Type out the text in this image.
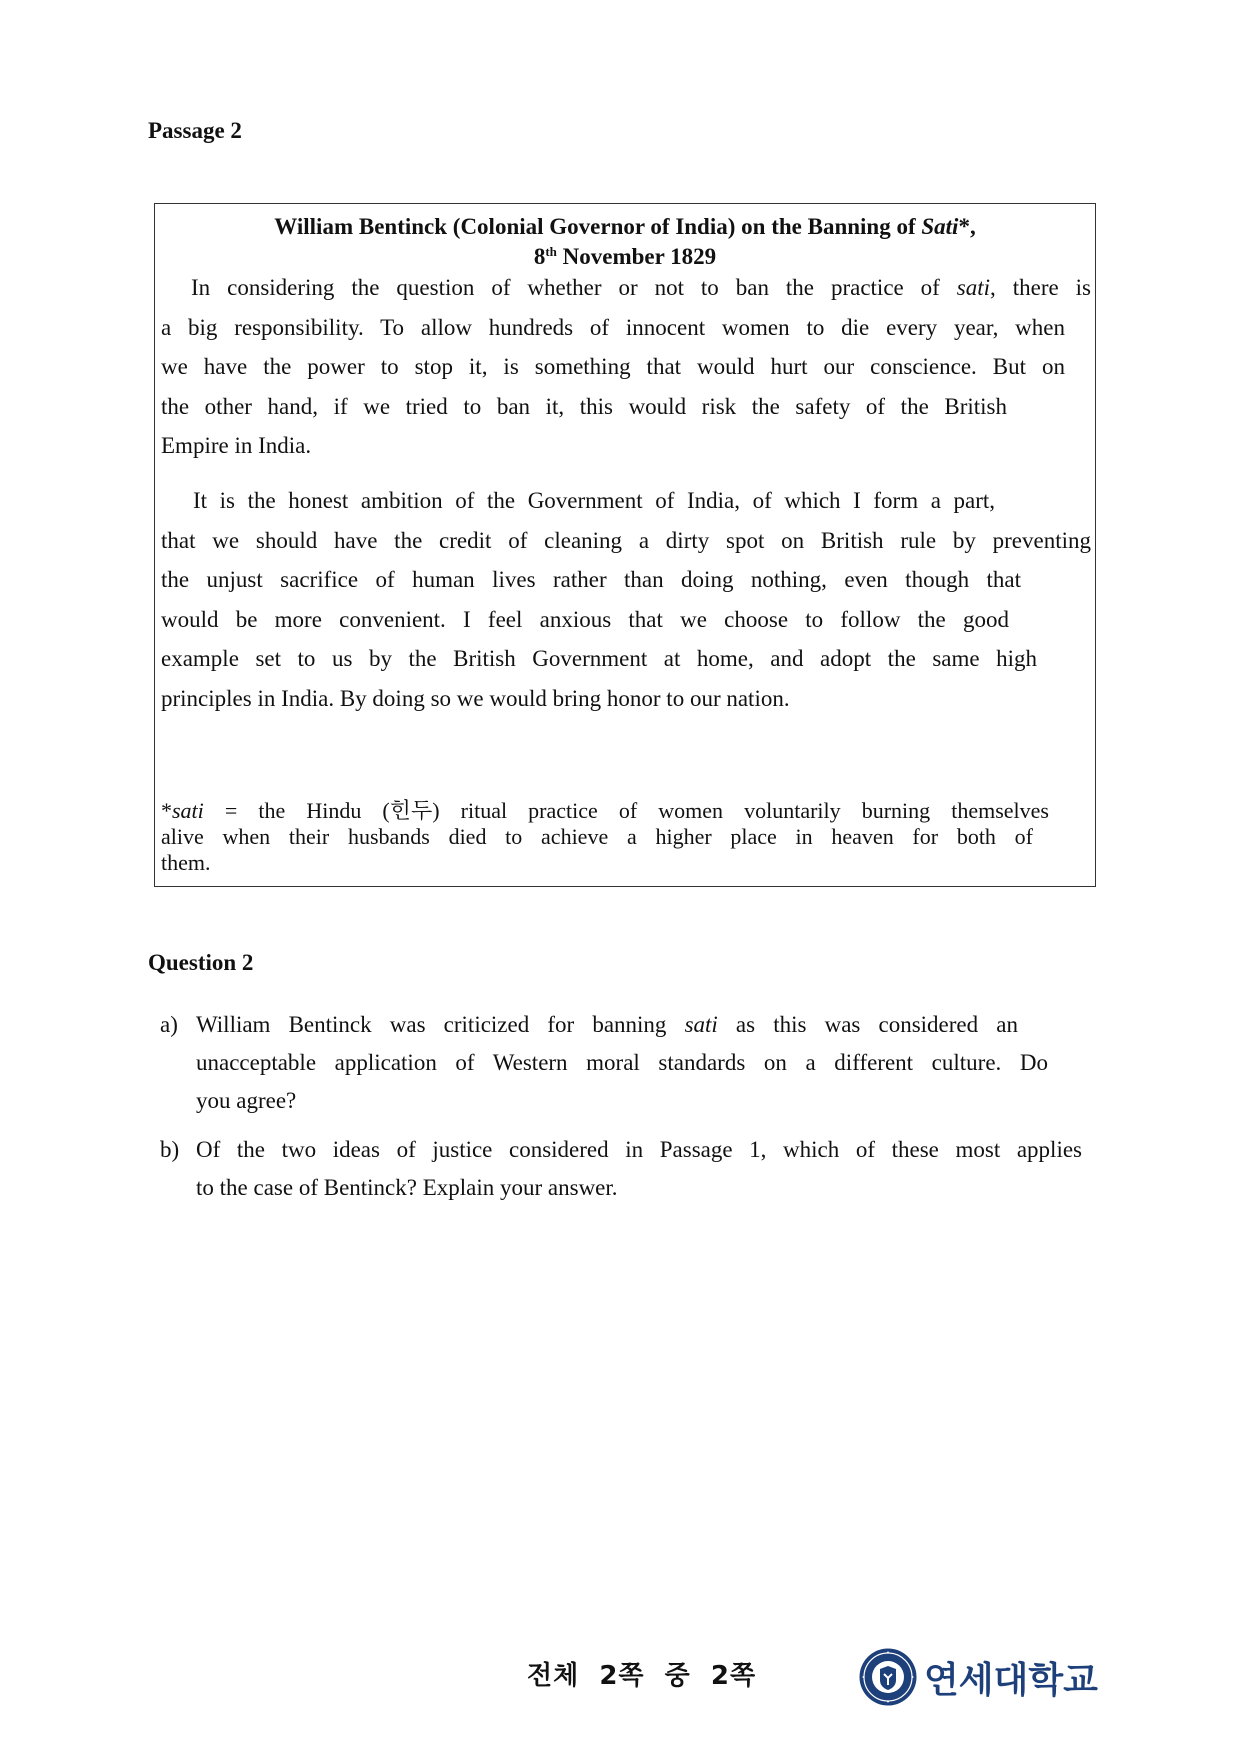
Passage 2
William Bentinck (Colonial Governor of India) on the Banning of Sati*,
8th November 1829
In considering the question of whether or not to ban the practice of sati, there is
a big responsibility. To allow hundreds of innocent women to die every year, when
we have the power to stop it, is something that would hurt our conscience. But on
the other hand, if we tried to ban it, this would risk the safety of the British
Empire in India.
It is the honest ambition of the Government of India, of which I form a part,
that we should have the credit of cleaning a dirty spot on British rule by preventing
the unjust sacrifice of human lives rather than doing nothing, even though that
would be more convenient. I feel anxious that we choose to follow the good
example set to us by the British Government at home, and adopt the same high
principles in India. By doing so we would bring honor to our nation.
*sati = the Hindu (힌두) ritual practice of women voluntarily burning themselves
alive when their husbands died to achieve a higher place in heaven for both of
them.
Question 2
a) William Bentinck was criticized for banning sati as this was considered an
unacceptable application of Western moral standards on a different culture. Do
you agree?
b) Of the two ideas of justice considered in Passage 1, which of these most applies
to the case of Bentinck? Explain your answer.
전체  2쪽  중  2쪽	연세대학교
